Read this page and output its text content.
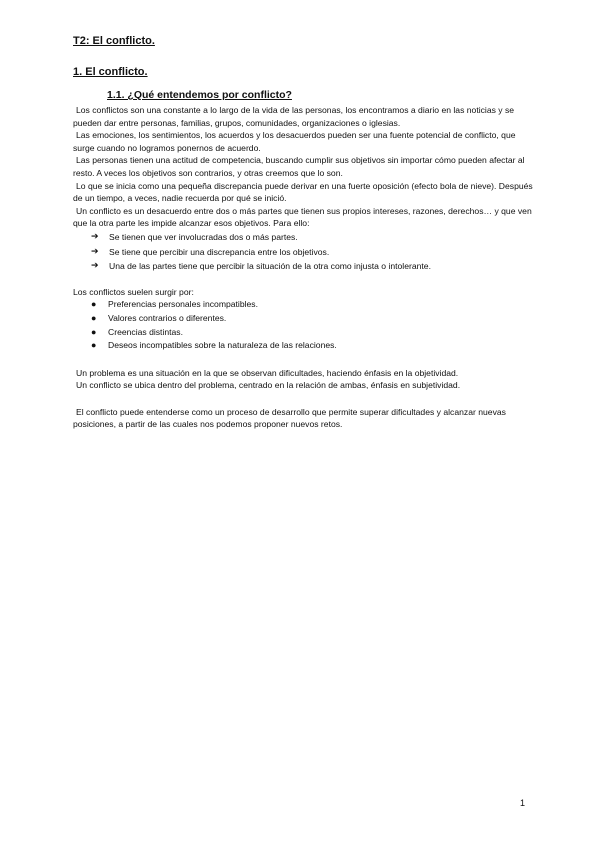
T2: El conflicto.
1. El conflicto.
1.1. ¿Qué entendemos por conflicto?

Los conflictos son una constante a lo largo de la vida de las personas, los encontramos a diario en las noticias y se pueden dar entre personas, familias, grupos, comunidades, organizaciones o iglesias.

Las emociones, los sentimientos, los acuerdos y los desacuerdos pueden ser una fuente potencial de conflicto, que surge cuando no logramos ponernos de acuerdo.

Las personas tienen una actitud de competencia, buscando cumplir sus objetivos sin importar cómo pueden afectar al resto. A veces los objetivos son contrarios, y otras creemos que lo son.

Lo que se inicia como una pequeña discrepancia puede derivar en una fuerte oposición (efecto bola de nieve). Después de un tiempo, a veces, nadie recuerda por qué se inició.

Un conflicto es un desacuerdo entre dos o más partes que tienen sus propios intereses, razones, derechos… y que ven que la otra parte les impide alcanzar esos objetivos. Para ello:

➔ Se tienen que ver involucradas dos o más partes.
➔ Se tiene que percibir una discrepancia entre los objetivos.
➔ Una de las partes tiene que percibir la situación de la otra como injusta o intolerante.

Los conflictos suelen surgir por:

● Preferencias personales incompatibles.
● Valores contrarios o diferentes.
● Creencias distintas.
● Deseos incompatibles sobre la naturaleza de las relaciones.

Un problema es una situación en la que se observan dificultades, haciendo énfasis en la objetividad.

Un conflicto se ubica dentro del problema, centrado en la relación de ambas, énfasis en subjetividad.

El conflicto puede entenderse como un proceso de desarrollo que permite superar dificultades y alcanzar nuevas posiciones, a partir de las cuales nos podemos proponer nuevos retos.

1
